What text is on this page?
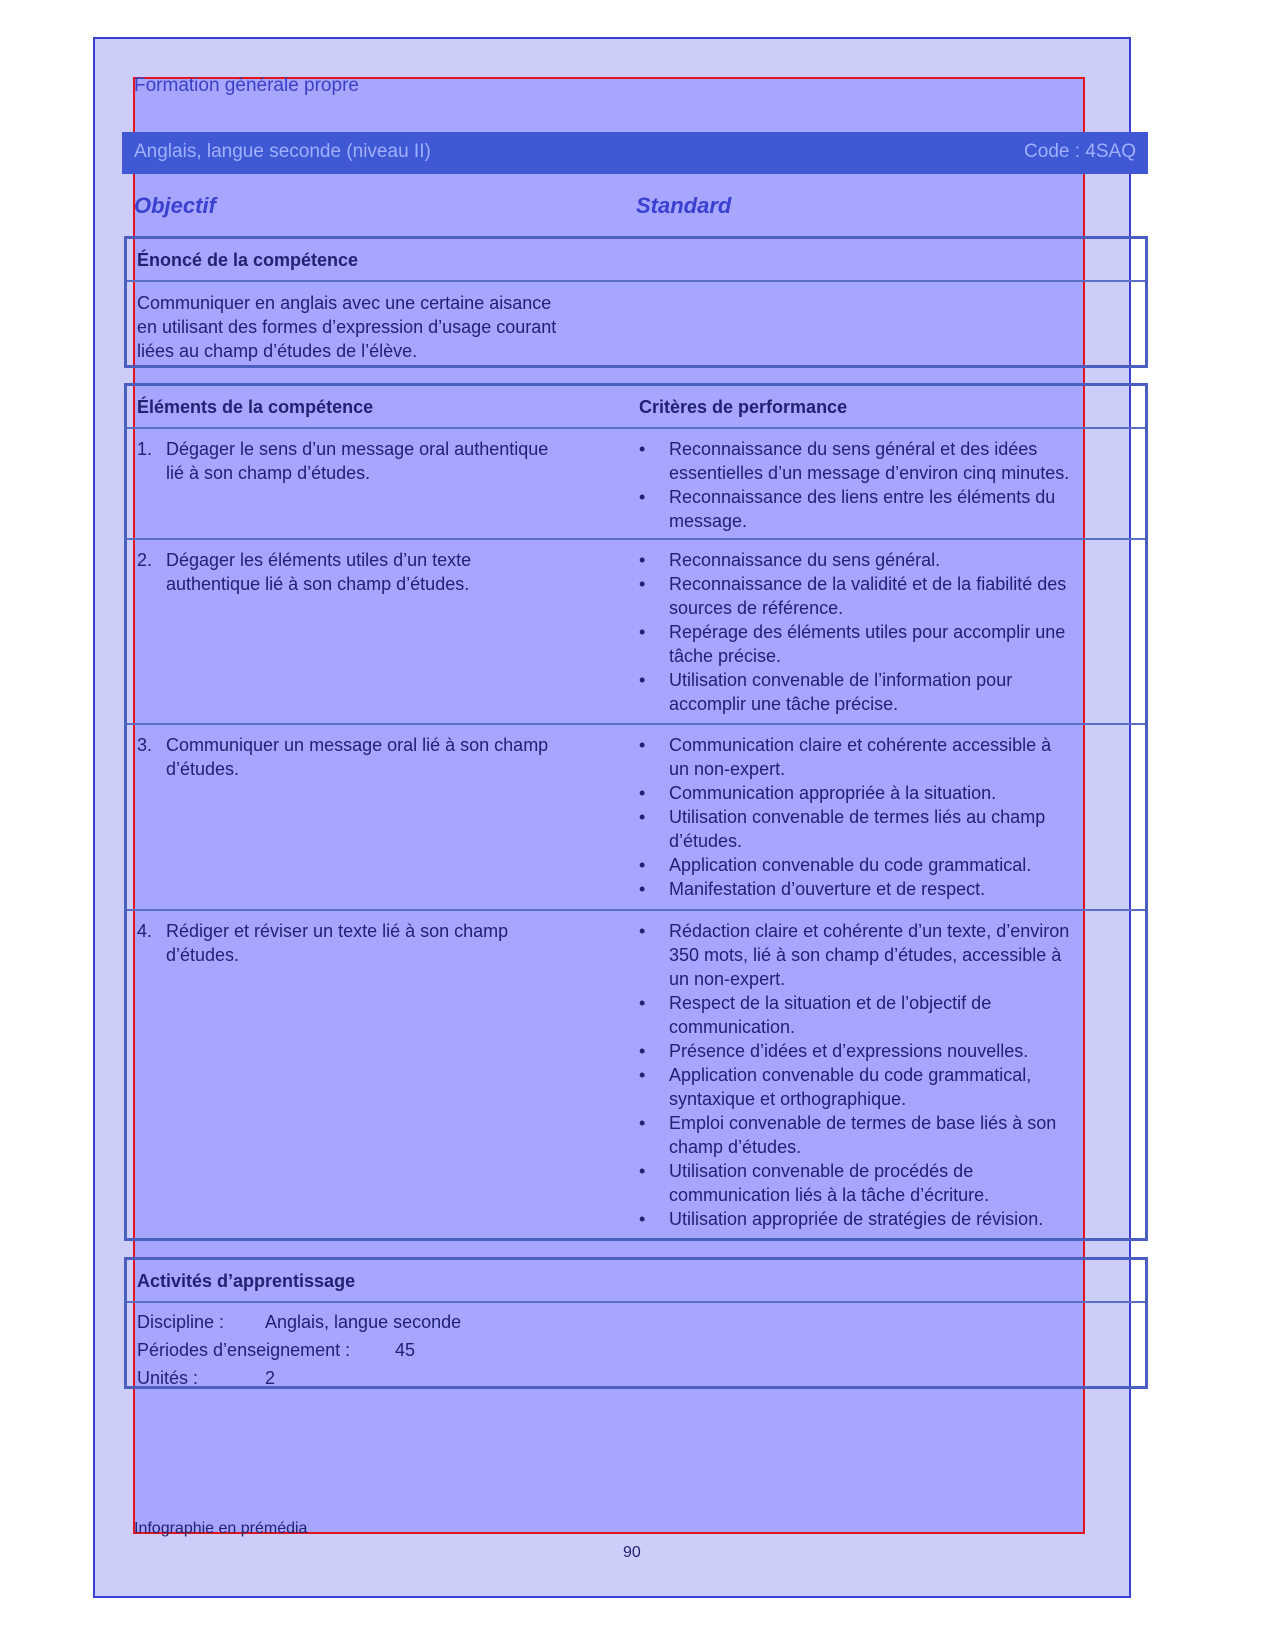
Formation générale propre
Anglais, langue seconde (niveau II)	Code : 4SAQ
Objectif	Standard
Énoncé de la compétence
Communiquer en anglais avec une certaine aisance
en utilisant des formes d’expression d’usage courant
liées au champ d’études de l’élève.
Éléments de la compétence	Critères de performance
1. Dégager le sens d’un message oral authentique
lié à son champ d’études.
• Reconnaissance du sens général et des idées
essentielles d’un message d’environ cinq minutes.
• Reconnaissance des liens entre les éléments du
message.
2. Dégager les éléments utiles d’un texte
authentique lié à son champ d’études.
• Reconnaissance du sens général.
• Reconnaissance de la validité et de la fiabilité des
sources de référence.
• Repérage des éléments utiles pour accomplir une
tâche précise.
• Utilisation convenable de l’information pour
accomplir une tâche précise.
3. Communiquer un message oral lié à son champ
d’études.
• Communication claire et cohérente accessible à
un non-expert.
• Communication appropriée à la situation.
• Utilisation convenable de termes liés au champ
d’études.
• Application convenable du code grammatical.
• Manifestation d’ouverture et de respect.
4. Rédiger et réviser un texte lié à son champ
d’études.
• Rédaction claire et cohérente d’un texte, d’environ
350 mots, lié à son champ d’études, accessible à
un non-expert.
• Respect de la situation et de l’objectif de
communication.
• Présence d’idées et d’expressions nouvelles.
• Application convenable du code grammatical,
syntaxique et orthographique.
• Emploi convenable de termes de base liés à son
champ d’études.
• Utilisation convenable de procédés de
communication liés à la tâche d’écriture.
• Utilisation appropriée de stratégies de révision.
Activités d’apprentissage
Discipline : Anglais, langue seconde
Périodes d’enseignement : 45
Unités :	2
Infographie en prémédia
90
